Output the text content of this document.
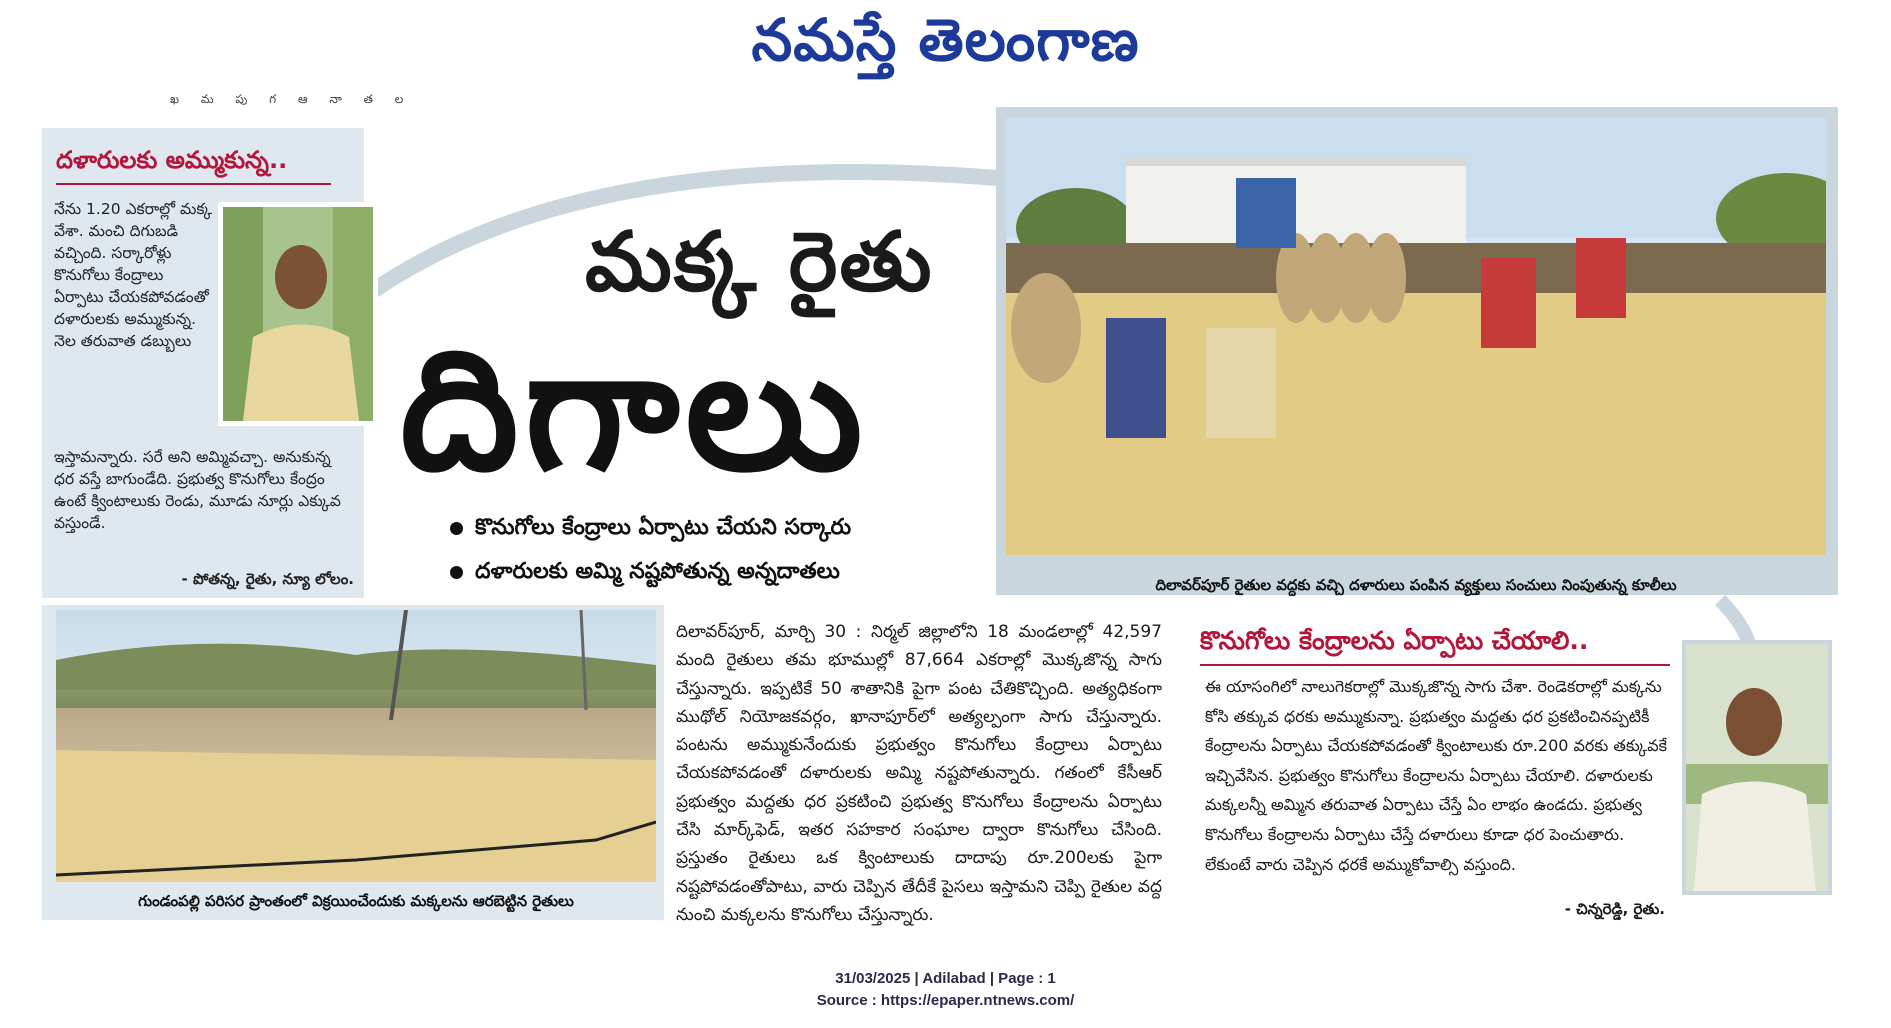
నమస్తే తెలంగాణ
ఖ మ పు గ ఆ నా త ల
దిలావర్‌పూర్ రైతుల వద్దకు వచ్చి దళారులు పంపిన వ్యక్తులు సంచులు నింపుతున్న కూలీలు
దళారులకు అమ్ముకున్న..
నేను 1.20 ఎకరాల్లో మక్క వేశా. మంచి దిగుబడి వచ్చింది. సర్కారోళ్లు కొనుగోలు కేంద్రాలు ఏర్పాటు చేయకపోవడంతో దళారులకు అమ్ముకున్న. నెల తరువాత డబ్బులు
ఇస్తామన్నారు. సరే అని అమ్మివచ్చా. అనుకున్న ధర వస్తే బాగుండేది. ప్రభుత్వ కొనుగోలు కేంద్రం ఉంటే క్వింటాలుకు రెండు, మూడు నూర్లు ఎక్కువ వస్తుండే.
- పోతన్న, రైతు, న్యూ లోలం.
మక్క రైతు
దిగాలు
కొనుగోలు కేంద్రాలు ఏర్పాటు చేయని సర్కారు
దళారులకు అమ్మి నష్టపోతున్న అన్నదాతలు
గుండంపల్లి పరిసర ప్రాంతంలో విక్రయించేందుకు మక్కలను ఆరబెట్టిన రైతులు
దిలావర్‌పూర్, మార్చి 30 : నిర్మల్ జిల్లాలోని 18 మండలాల్లో 42,597 మంది రైతులు తమ భూముల్లో 87,664 ఎకరాల్లో మొక్కజొన్న సాగు చేస్తున్నారు. ఇప్పటికే 50 శాతానికి పైగా పంట చేతికొచ్చింది. అత్యధికంగా ముథోల్ నియోజకవర్గం, ఖానాపూర్‌లో అత్యల్పంగా సాగు చేస్తున్నారు. పంటను అమ్ముకునేందుకు ప్రభుత్వం కొనుగోలు కేంద్రాలు ఏర్పాటు చేయకపోవడంతో దళారులకు అమ్మి నష్టపోతున్నారు. గతంలో కేసీఆర్ ప్రభుత్వం మద్దతు ధర ప్రకటించి ప్రభుత్వ కొనుగోలు కేంద్రాలను ఏర్పాటు చేసి మార్క్‌ఫెడ్, ఇతర సహకార సంఘాల ద్వారా కొనుగోలు చేసింది. ప్రస్తుతం రైతులు ఒక క్వింటాలుకు దాదాపు రూ.200లకు పైగా నష్టపోవడంతోపాటు, వారు చెప్పిన తేదీకే పైసలు ఇస్తామని చెప్పి రైతుల వద్ద నుంచి మక్కలను కొనుగోలు చేస్తున్నారు.
కొనుగోలు కేంద్రాలను ఏర్పాటు చేయాలి..
ఈ యాసంగిలో నాలుగెకరాల్లో మొక్కజొన్న సాగు చేశా. రెండెకరాల్లో మక్కను కోసి తక్కువ ధరకు అమ్ముకున్నా. ప్రభుత్వం మద్దతు ధర ప్రకటించినప్పటికీ కేంద్రాలను ఏర్పాటు చేయకపోవడంతో క్వింటాలుకు రూ.200 వరకు తక్కువకే ఇచ్చివేసిన. ప్రభుత్వం కొనుగోలు కేంద్రాలను ఏర్పాటు చేయాలి. దళారులకు మక్కలన్నీ అమ్మిన తరువాత ఏర్పాటు చేస్తే ఏం లాభం ఉండదు. ప్రభుత్వ కొనుగోలు కేంద్రాలను ఏర్పాటు చేస్తే దళారులు కూడా ధర పెంచుతారు. లేకుంటే వారు చెప్పిన ధరకే అమ్ముకోవాల్సి వస్తుంది.
- చిన్నరెడ్డి, రైతు.
31/03/2025 | Adilabad | Page : 1
Source : https://epaper.ntnews.com/
